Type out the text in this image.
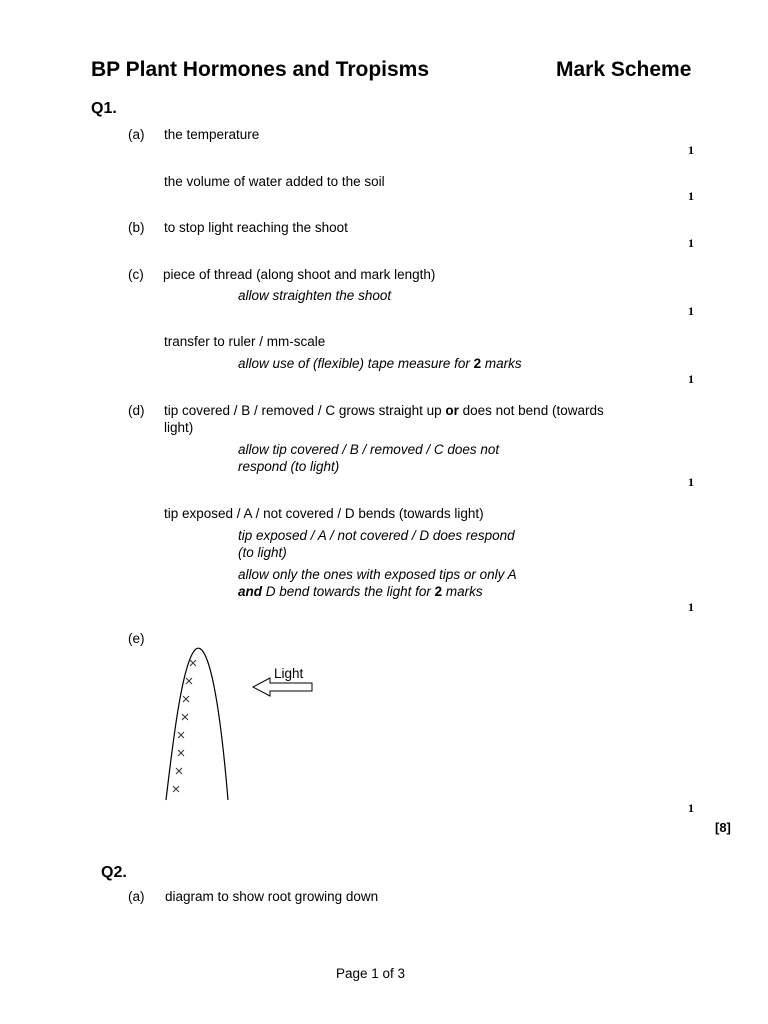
BP Plant Hormones and Tropisms	Mark Scheme
Q1.
(a) the temperature
1
the volume of water added to the soil
1
(b) to stop light reaching the shoot
1
(c) piece of thread (along shoot and mark length)
allow straighten the shoot
1
transfer to ruler / mm-scale
allow use of (flexible) tape measure for 2 marks
1
(d) tip covered / B / removed / C grows straight up or does not bend (towards
light)
allow tip covered / B / removed / C does not
respond (to light)
1
tip exposed / A / not covered / D bends (towards light)
tip exposed / A / not covered / D does respond
(to light)
allow only the ones with exposed tips or only A
and D bend towards the light for 2 marks
1
(e)
Light
1
[8]
Q2.
(a) diagram to show root growing down
Page 1 of 3
